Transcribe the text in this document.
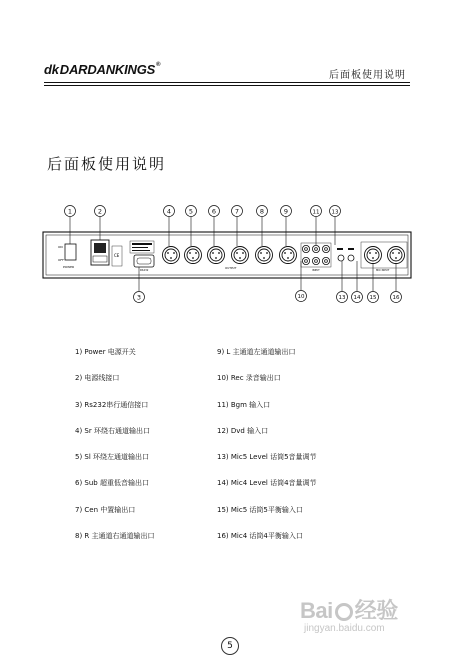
dkDARDANKINGS®
后面板使用说明
后面板使用说明
ON
OFF
POWER
CE
RS232
OUTPUT
INPUT	MIC INPUT
1	2	4	5	6	7	8	9	11 13
3	10	13 14 15	16
1) Power 电源开关
2) 电源线接口
3) Rs232串行通信接口
4) Sr 环绕右通道输出口
5) Sl 环绕左通道输出口
6) Sub 超重低音输出口
7) Cen 中置输出口
8) R 主通道右通道输出口
9) L 主通道左通道输出口
10) Rec 录音输出口
11) Bgm 输入口
12) Dvd 输入口
13) Mic5 Level 话筒5音量调节
14) Mic4 Level 话筒4音量调节
15) Mic5 话筒5平衡输入口
16) Mic4 话筒4平衡输入口
Bai 经验
jingyan.baidu.com
5
